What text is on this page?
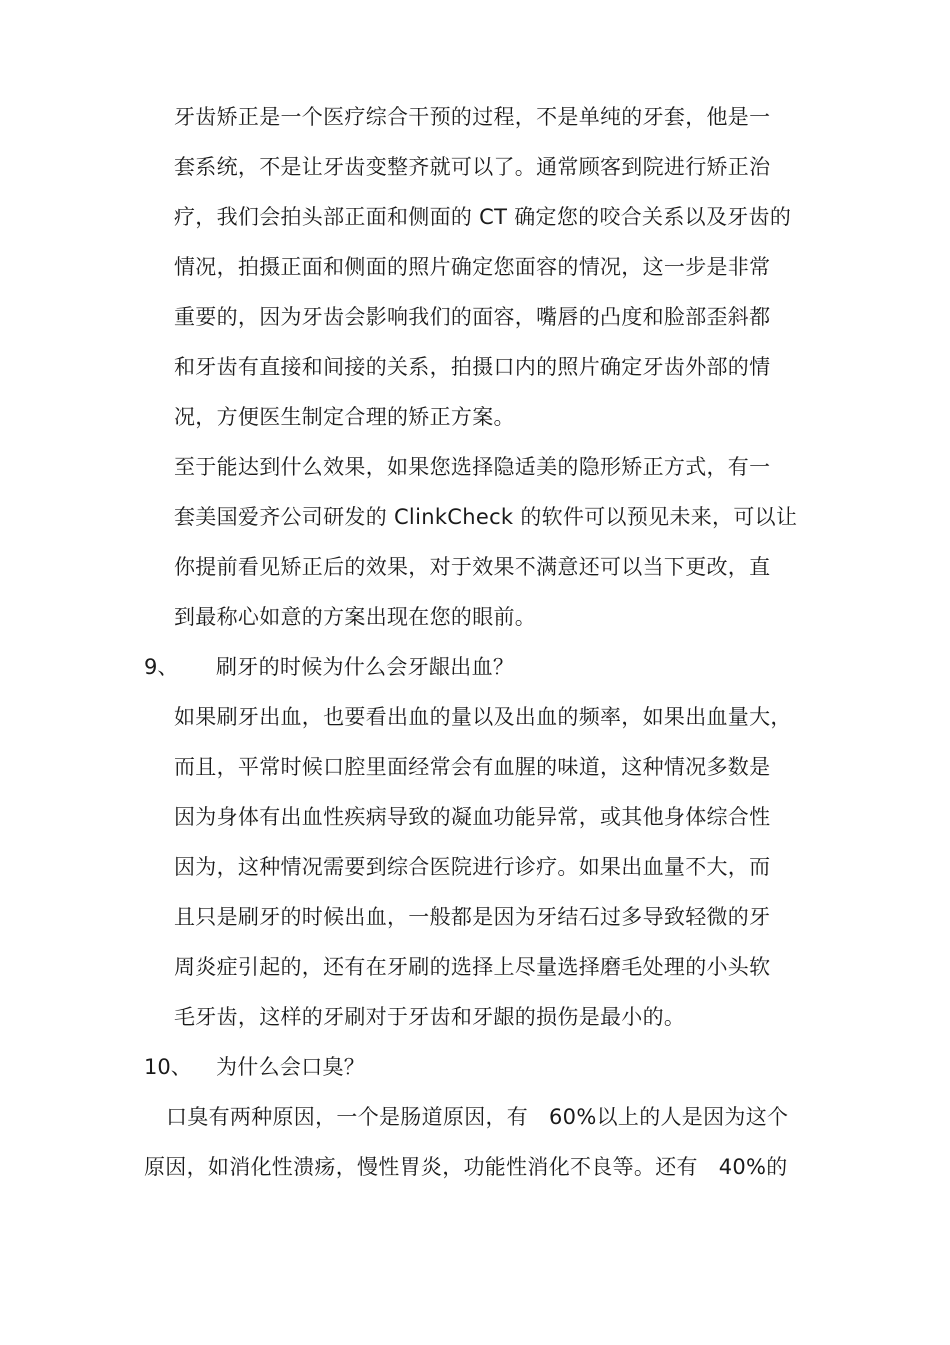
牙齿矫正是一个医疗综合干预的过程，不是单纯的牙套，他是一
套系统，不是让牙齿变整齐就可以了。通常顾客到院进行矫正治
疗，我们会拍头部正面和侧面的 CT 确定您的咬合关系以及牙齿的
情况，拍摄正面和侧面的照片确定您面容的情况，这一步是非常
重要的，因为牙齿会影响我们的面容，嘴唇的凸度和脸部歪斜都
和牙齿有直接和间接的关系，拍摄口内的照片确定牙齿外部的情
况，方便医生制定合理的矫正方案。
至于能达到什么效果，如果您选择隐适美的隐形矫正方式，有一
套美国爱齐公司研发的 ClinkCheck 的软件可以预见未来，可以让
你提前看见矫正后的效果，对于效果不满意还可以当下更改，直
到最称心如意的方案出现在您的眼前。
9、 刷牙的时候为什么会牙龈出血？
如果刷牙出血，也要看出血的量以及出血的频率，如果出血量大，
而且，平常时候口腔里面经常会有血腥的味道，这种情况多数是
因为身体有出血性疾病导致的凝血功能异常，或其他身体综合性
因为，这种情况需要到综合医院进行诊疗。如果出血量不大，而
且只是刷牙的时候出血，一般都是因为牙结石过多导致轻微的牙
周炎症引起的，还有在牙刷的选择上尽量选择磨毛处理的小头软
毛牙齿，这样的牙刷对于牙齿和牙龈的损伤是最小的。
10、 为什么会口臭？
口臭有两种原因，一个是肠道原因，有   60%以上的人是因为这个
原因，如消化性溃疡，慢性胃炎，功能性消化不良等。还有   40%的
